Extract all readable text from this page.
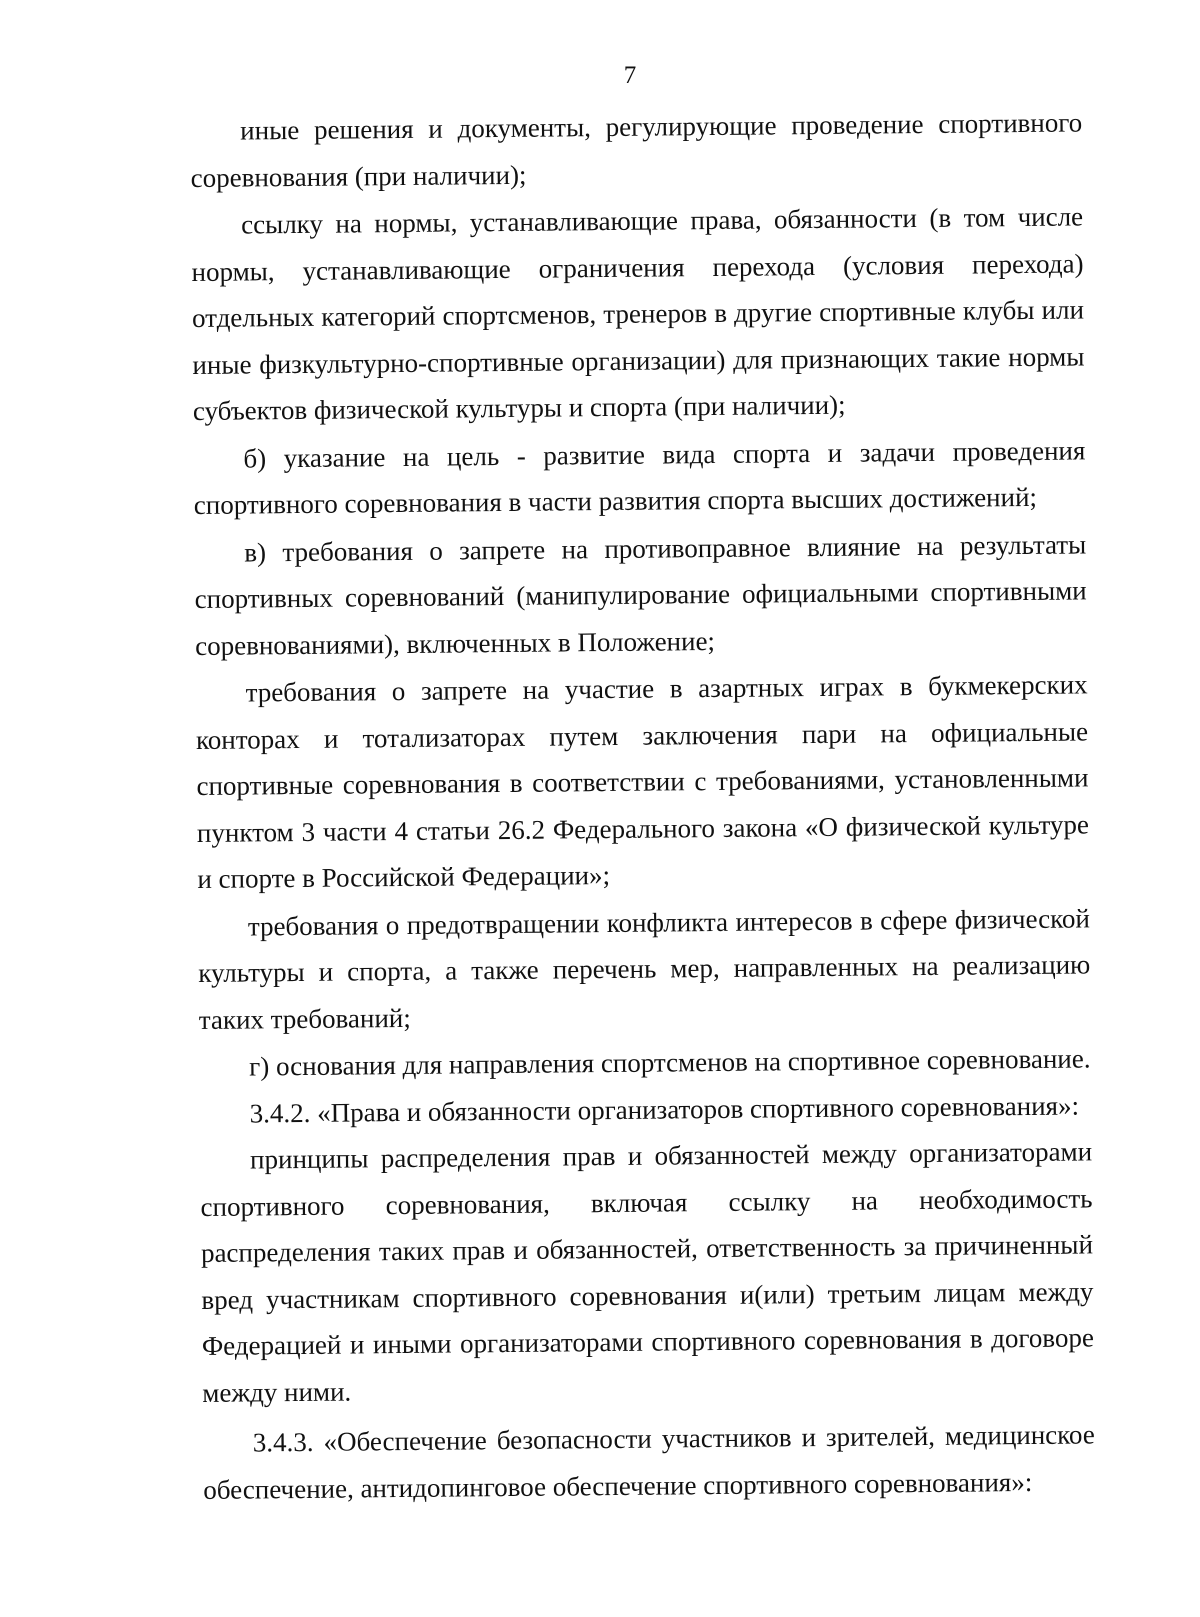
7

иные решения и документы, регулирующие проведение спортивного соревнования (при наличии);

ссылку на нормы, устанавливающие права, обязанности (в том числе нормы, устанавливающие ограничения перехода (условия перехода) отдельных категорий спортсменов, тренеров в другие спортивные клубы или иные физкультурно-спортивные организации) для признающих такие нормы субъектов физической культуры и спорта (при наличии);

б) указание на цель - развитие вида спорта и задачи проведения спортивного соревнования в части развития спорта высших достижений;

в) требования о запрете на противоправное влияние на результаты спортивных соревнований (манипулирование официальными спортивными соревнованиями), включенных в Положение;

требования о запрете на участие в азартных играх в букмекерских конторах и тотализаторах путем заключения пари на официальные спортивные соревнования в соответствии с требованиями, установленными пунктом 3 части 4 статьи 26.2 Федерального закона «О физической культуре и спорте в Российской Федерации»;

требования о предотвращении конфликта интересов в сфере физической культуры и спорта, а также перечень мер, направленных на реализацию таких требований;

г) основания для направления спортсменов на спортивное соревнование.

3.4.2. «Права и обязанности организаторов спортивного соревнования»:

принципы распределения прав и обязанностей между организаторами спортивного соревнования, включая ссылку на необходимость распределения таких прав и обязанностей, ответственность за причиненный вред участникам спортивного соревнования и(или) третьим лицам между Федерацией и иными организаторами спортивного соревнования в договоре между ними.

3.4.3. «Обеспечение безопасности участников и зрителей, медицинское обеспечение, антидопинговое обеспечение спортивного соревнования»:
